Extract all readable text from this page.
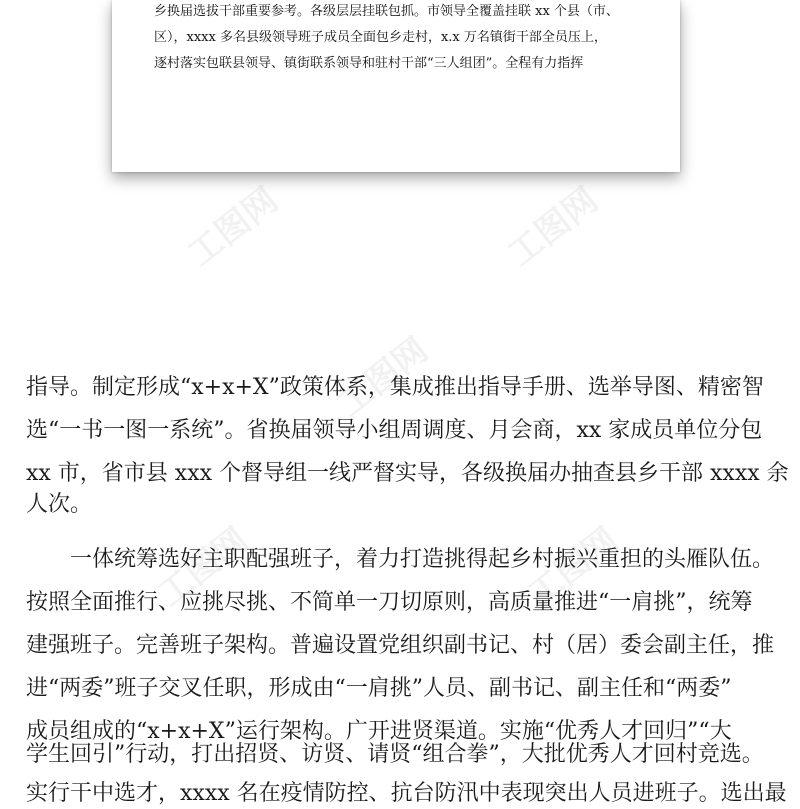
工图网	工图网
工图网
工图网	工图网
乡换届选拔干部重要参考。各级层层挂联包抓。市领导全覆盖挂联 xx 个县（市、
区），xxxx 多名县级领导班子成员全面包乡走村，x.x 万名镇街干部全员压上，
逐村落实包联县领导、镇街联系领导和驻村干部“三人组团”。全程有力指挥
指导。制定形成“x+x+X”政策体系，集成推出指导手册、选举导图、精密智
选“一书一图一系统”。省换届领导小组周调度、月会商，xx 家成员单位分包
xx 市，省市县 xxx 个督导组一线严督实导，各级换届办抽查县乡干部 xxxx 余
人次。
一体统筹选好主职配强班子，着力打造挑得起乡村振兴重担的头雁队伍。
按照全面推行、应挑尽挑、不简单一刀切原则，高质量推进“一肩挑”，统筹
建强班子。完善班子架构。普遍设置党组织副书记、村（居）委会副主任，推
进“两委”班子交叉任职，形成由“一肩挑”人员、副书记、副主任和“两委”
成员组成的“x+x+X”运行架构。广开进贤渠道。实施“优秀人才回归”“大
学生回引”行动，打出招贤、访贤、请贤“组合拳”，大批优秀人才回村竞选。
实行干中选才，xxxx 名在疫情防控、抗台防汛中表现突出人员进班子。选出最
